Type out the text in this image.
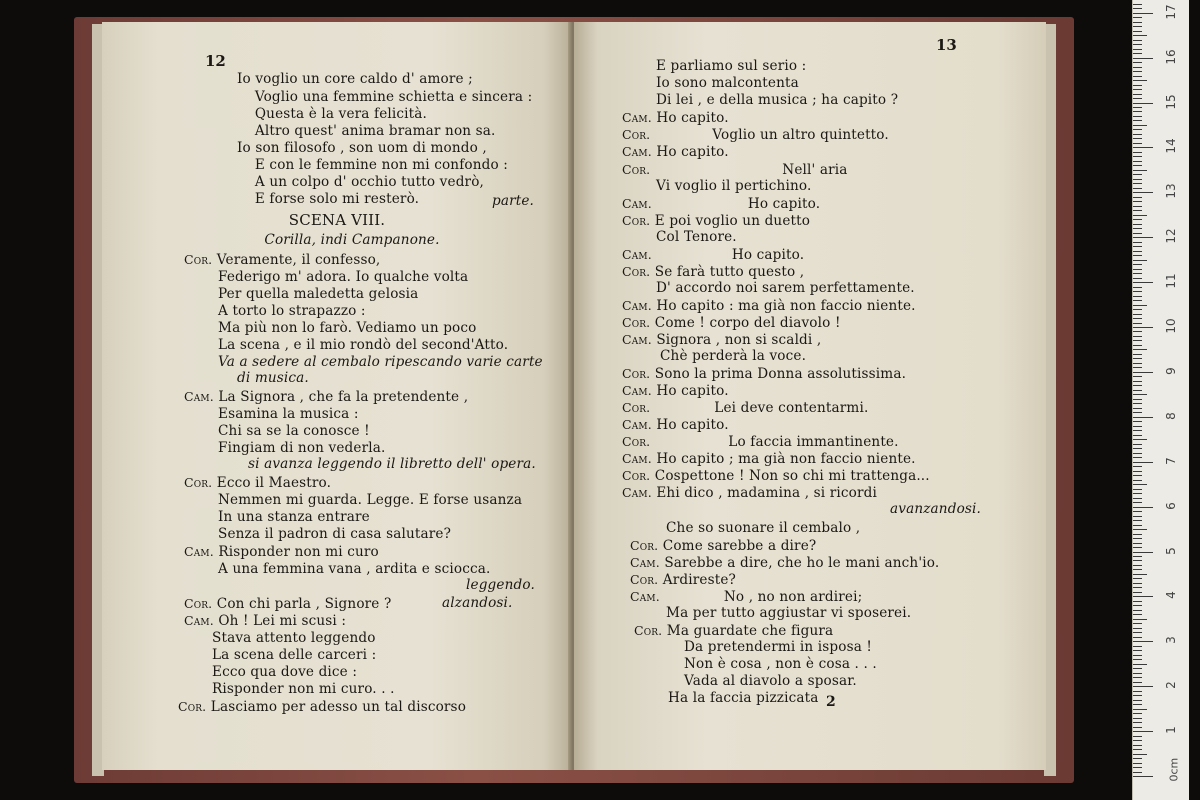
12
Io voglio un core caldo d' amore ;
Voglio una femmine schietta e sincera :
Questa è la vera felicità.
Altro quest' anima bramar non sa.
Io son filosofo , son uom di mondo ,
E con le femmine non mi confondo :
A un colpo d' occhio tutto vedrò,
E forse solo mi resterò.	parte.
SCENA VIII.
Corilla, indi Campanone.
Cor. Veramente, il confesso,
Federigo m' adora. Io qualche volta
Per quella maledetta gelosia
A torto lo strapazzo :
Ma più non lo farò. Vediamo un poco
La scena , e il mio rondò del second'Atto.
Va a sedere al cembalo ripescando varie carte
di musica.
Cam. La Signora , che fa la pretendente ,
Esamina la musica :
Chi sa se la conosce !
Fingiam di non vederla.
si avanza leggendo il libretto dell' opera.
Cor. Ecco il Maestro.
Nemmen mi guarda. Legge. E forse usanza
In una stanza entrare
Senza il padron di casa salutare?
Cam. Risponder non mi curo
A una femmina vana , ardita e sciocca.
leggendo.
Cor. Con chi parla , Signore ?	alzandosi.
Cam. Oh ! Lei mi scusi :
Stava attento leggendo
La scena delle carceri :
Ecco qua dove dice :
Risponder non mi curo. . .
Cor. Lasciamo per adesso un tal discorso
13
E parliamo sul serio :
Io sono malcontenta
Di lei , e della musica ; ha capito ?
Cam. Ho capito.
Cor.	Voglio un altro quintetto.
Cam. Ho capito.
Cor.	Nell' aria
Vi voglio il pertichino.
Cam.	Ho capito.
Cor. E poi voglio un duetto
Col Tenore.
Cam.	Ho capito.
Cor. Se farà tutto questo ,
D' accordo noi sarem perfettamente.
Cam. Ho capito : ma già non faccio niente.
Cor. Come ! corpo del diavolo !
Cam. Signora , non si scaldi ,
Chè perderà la voce.
Cor. Sono la prima Donna assolutissima.
Cam. Ho capito.
Cor.	Lei deve contentarmi.
Cam. Ho capito.
Cor.	Lo faccia immantinente.
Cam. Ho capito ; ma già non faccio niente.
Cor. Cospettone ! Non so chi mi trattenga...
Cam. Ehi dico , madamina , si ricordi
avanzandosi.
Che so suonare il cembalo ,
Cor. Come sarebbe a dire?
Cam. Sarebbe a dire, che ho le mani anch'io.
Cor. Ardireste?
Cam.	No , no non ardirei;
Ma per tutto aggiustar vi sposerei.
Cor. Ma guardate che figura
Da pretendermi in isposa !
Non è cosa , non è cosa . . .
Vada al diavolo a sposar.
Ha la faccia pizzicata 2
0cm
1
2
3
4
5
6
7
8
9
10
11
12
13
14
15
16
17
